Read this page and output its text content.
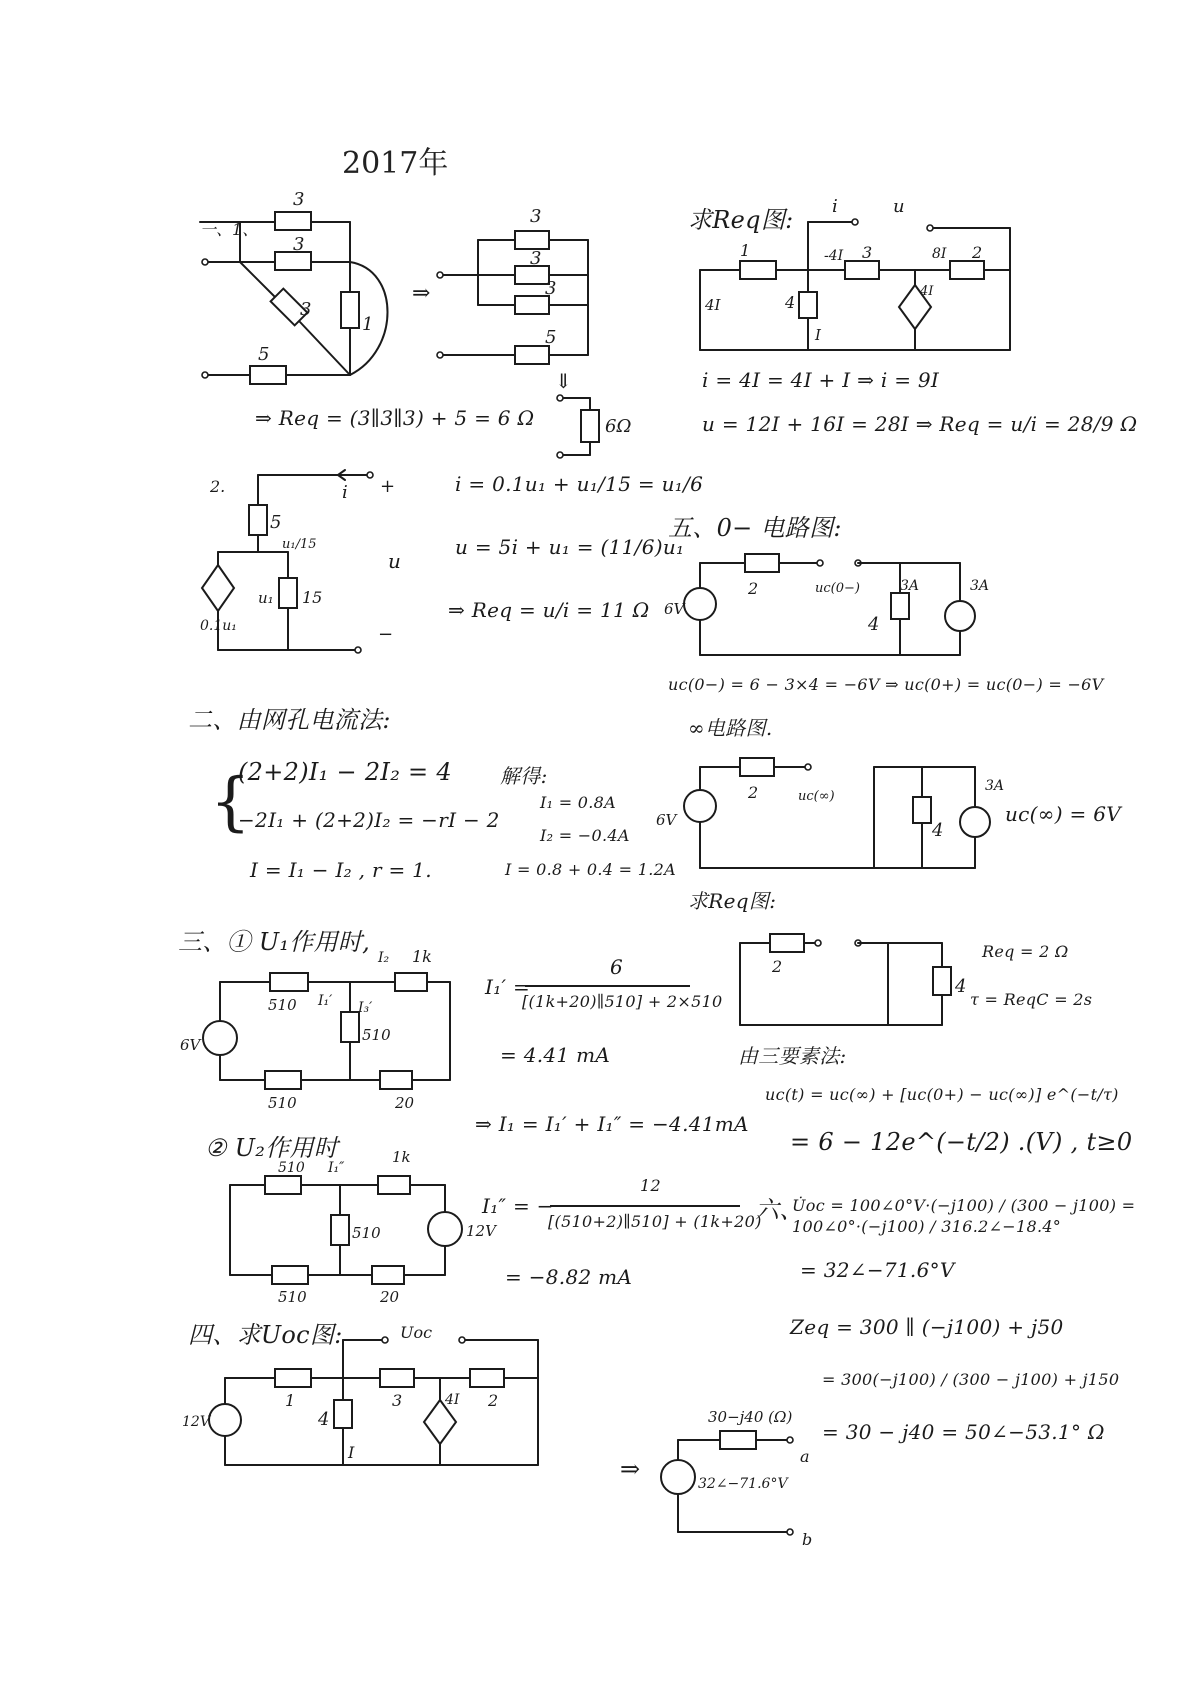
2017年
3
3
3
1
5
一、1、
⇒
3
3
3
5
⇓
6Ω
2.
5
15
u₁/15
u₁
0.1u₁
i +
u
−
510
1k
510
510	20
6V
I₁′
I₂
I₃′
510
1k
510
510	20
12V
I₁″
Uoc
12V
1
4
3	2
4I
I
i	u
1	3
4
2
4I
-4I	8I
4I
I
6V
2
4
3A	3A
uc(0−)
6V
2
4
3A
uc(∞)
2
4
30−j40 (Ω)
32∠−71.6°V
a
b
⇒ Req = (3∥3∥3) + 5 = 6 Ω
i = 0.1u₁ + u₁/15 = u₁/6
u = 5i + u₁ = (11/6)u₁
⇒ Req = u/i = 11 Ω
二、由网孔电流法:
(2+2)I₁ − 2I₂ = 4
−2I₁ + (2+2)I₂ = −rI − 2
I = I₁ − I₂ , r = 1.
{	解得:
I₁ = 0.8A
I₂ = −0.4A
I = 0.8 + 0.4 = 1.2A
三、① U₁作用时,
I₁′ =
6
[(1k+20)∥510] + 2×510
= 4.41 mA
⇒ I₁ = I₁′ + I₁″ = −4.41mA
② U₂作用时
I₁″ = −
12
[(510+2)∥510] + (1k+20)
= −8.82 mA
四、求Uoc图:
求Req图:
i = 4I = 4I + I ⇒ i = 9I
u = 12I + 16I = 28I ⇒ Req = u/i = 28/9 Ω
五、0− 电路图:
uc(0−) = 6 − 3×4 = −6V ⇒ uc(0+) = uc(0−) = −6V
∞电路图.
uc(∞) = 6V
求Req图:
Req = 2 Ω
τ = ReqC = 2s
由三要素法:
uc(t) = uc(∞) + [uc(0+) − uc(∞)] e^(−t/τ)
= 6 − 12e^(−t/2) .(V) , t≥0
六、
U̇oc = 100∠0°V·(−j100) / (300 − j100) = 100∠0°·(−j100) / 316.2∠−18.4°
= 32∠−71.6°V
Zeq = 300 ∥ (−j100) + j50
= 300(−j100) / (300 − j100) + j150
= 30 − j40 = 50∠−53.1° Ω
⇒
